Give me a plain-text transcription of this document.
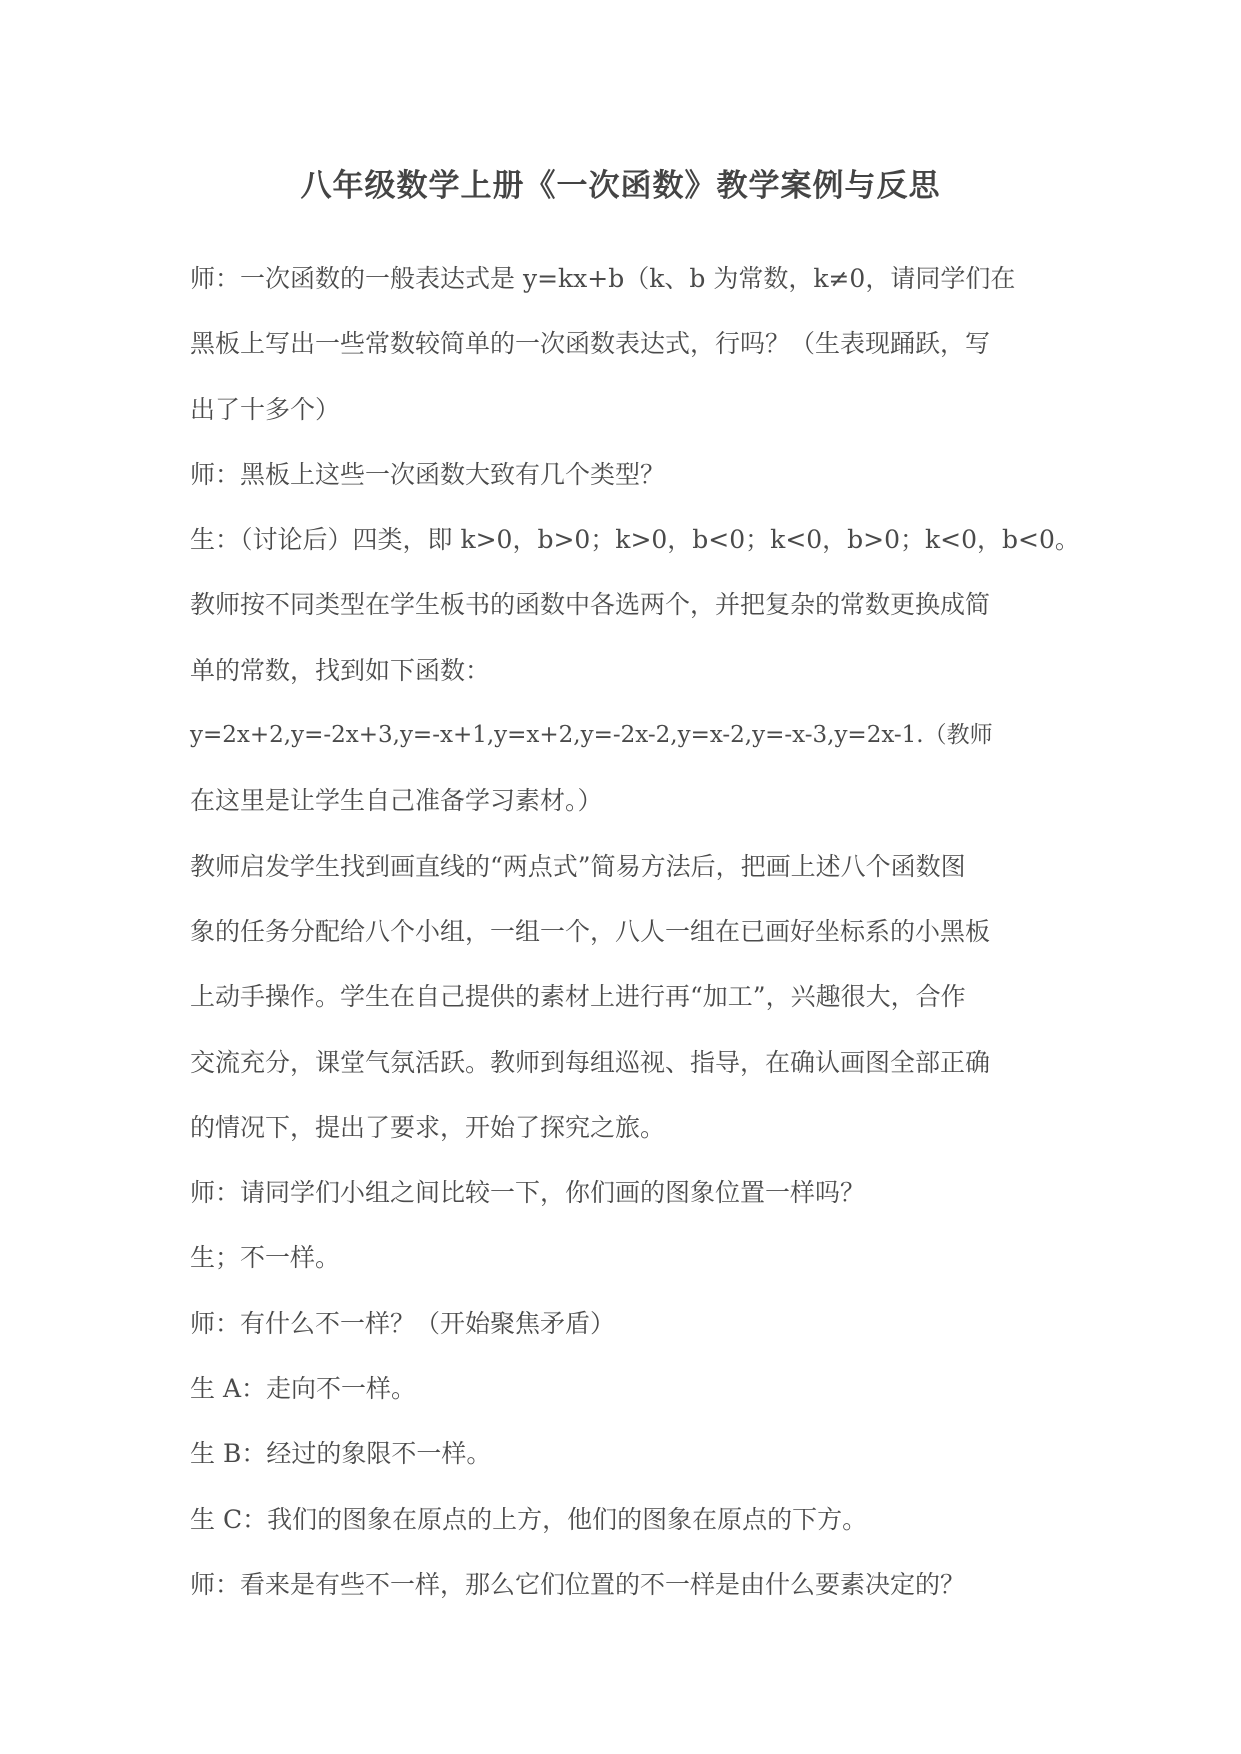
八年级数学上册《一次函数》教学案例与反思
师：一次函数的一般表达式是 y=kx+b（k、b 为常数，k≠0，请同学们在
黑板上写出一些常数较简单的一次函数表达式，行吗？（生表现踊跃，写
出了十多个）
师：黑板上这些一次函数大致有几个类型？
生：（讨论后）四类，即 k>0，b>0；k>0，b<0；k<0，b>0；k<0，b<0。
教师按不同类型在学生板书的函数中各选两个，并把复杂的常数更换成简
单的常数，找到如下函数：
y=2x+2,y=-2x+3,y=-x+1,y=x+2,y=-2x-2,y=x-2,y=-x-3,y=2x-1.（教师
在这里是让学生自己准备学习素材。）
教师启发学生找到画直线的“两点式”简易方法后，把画上述八个函数图
象的任务分配给八个小组，一组一个，八人一组在已画好坐标系的小黑板
上动手操作。学生在自己提供的素材上进行再“加工”，兴趣很大，合作
交流充分，课堂气氛活跃。教师到每组巡视、指导，在确认画图全部正确
的情况下，提出了要求，开始了探究之旅。
师：请同学们小组之间比较一下，你们画的图象位置一样吗？
生；不一样。
师：有什么不一样？（开始聚焦矛盾）
生 A：走向不一样。
生 B：经过的象限不一样。
生 C：我们的图象在原点的上方，他们的图象在原点的下方。
师：看来是有些不一样，那么它们位置的不一样是由什么要素决定的？
